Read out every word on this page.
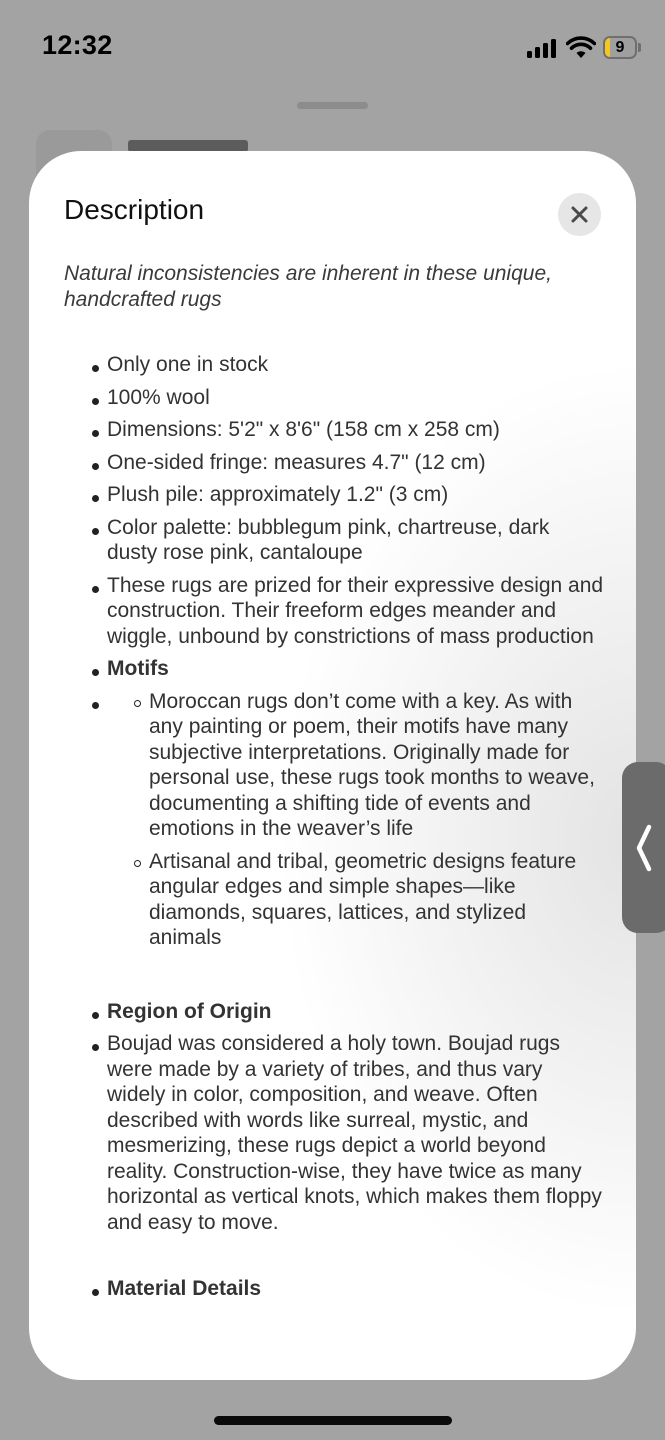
12:32	9
Description

Natural inconsistencies are inherent in these unique, handcrafted rugs

Only one in stock
100% wool
Dimensions: 5'2" x 8'6" (158 cm x 258 cm)
One-sided fringe: measures 4.7" (12 cm)
Plush pile: approximately 1.2" (3 cm)
Color palette: bubblegum pink, chartreuse, dark dusty rose pink, cantaloupe
These rugs are prized for their expressive design and construction. Their freeform edges meander and wiggle, unbound by constrictions of mass production
Motifs
Moroccan rugs don’t come with a key. As with any painting or poem, their motifs have many subjective interpretations. Originally made for personal use, these rugs took months to weave, documenting a shifting tide of events and emotions in the weaver’s life
Artisanal and tribal, geometric designs feature angular edges and simple shapes—like diamonds, squares, lattices, and stylized animals
Region of Origin
Boujad was considered a holy town. Boujad rugs were made by a variety of tribes, and thus vary widely in color, composition, and weave. Often described with words like surreal, mystic, and mesmerizing, these rugs depict a world beyond reality. Construction-wise, they have twice as many horizontal as vertical knots, which makes them floppy and easy to move.
Material Details
